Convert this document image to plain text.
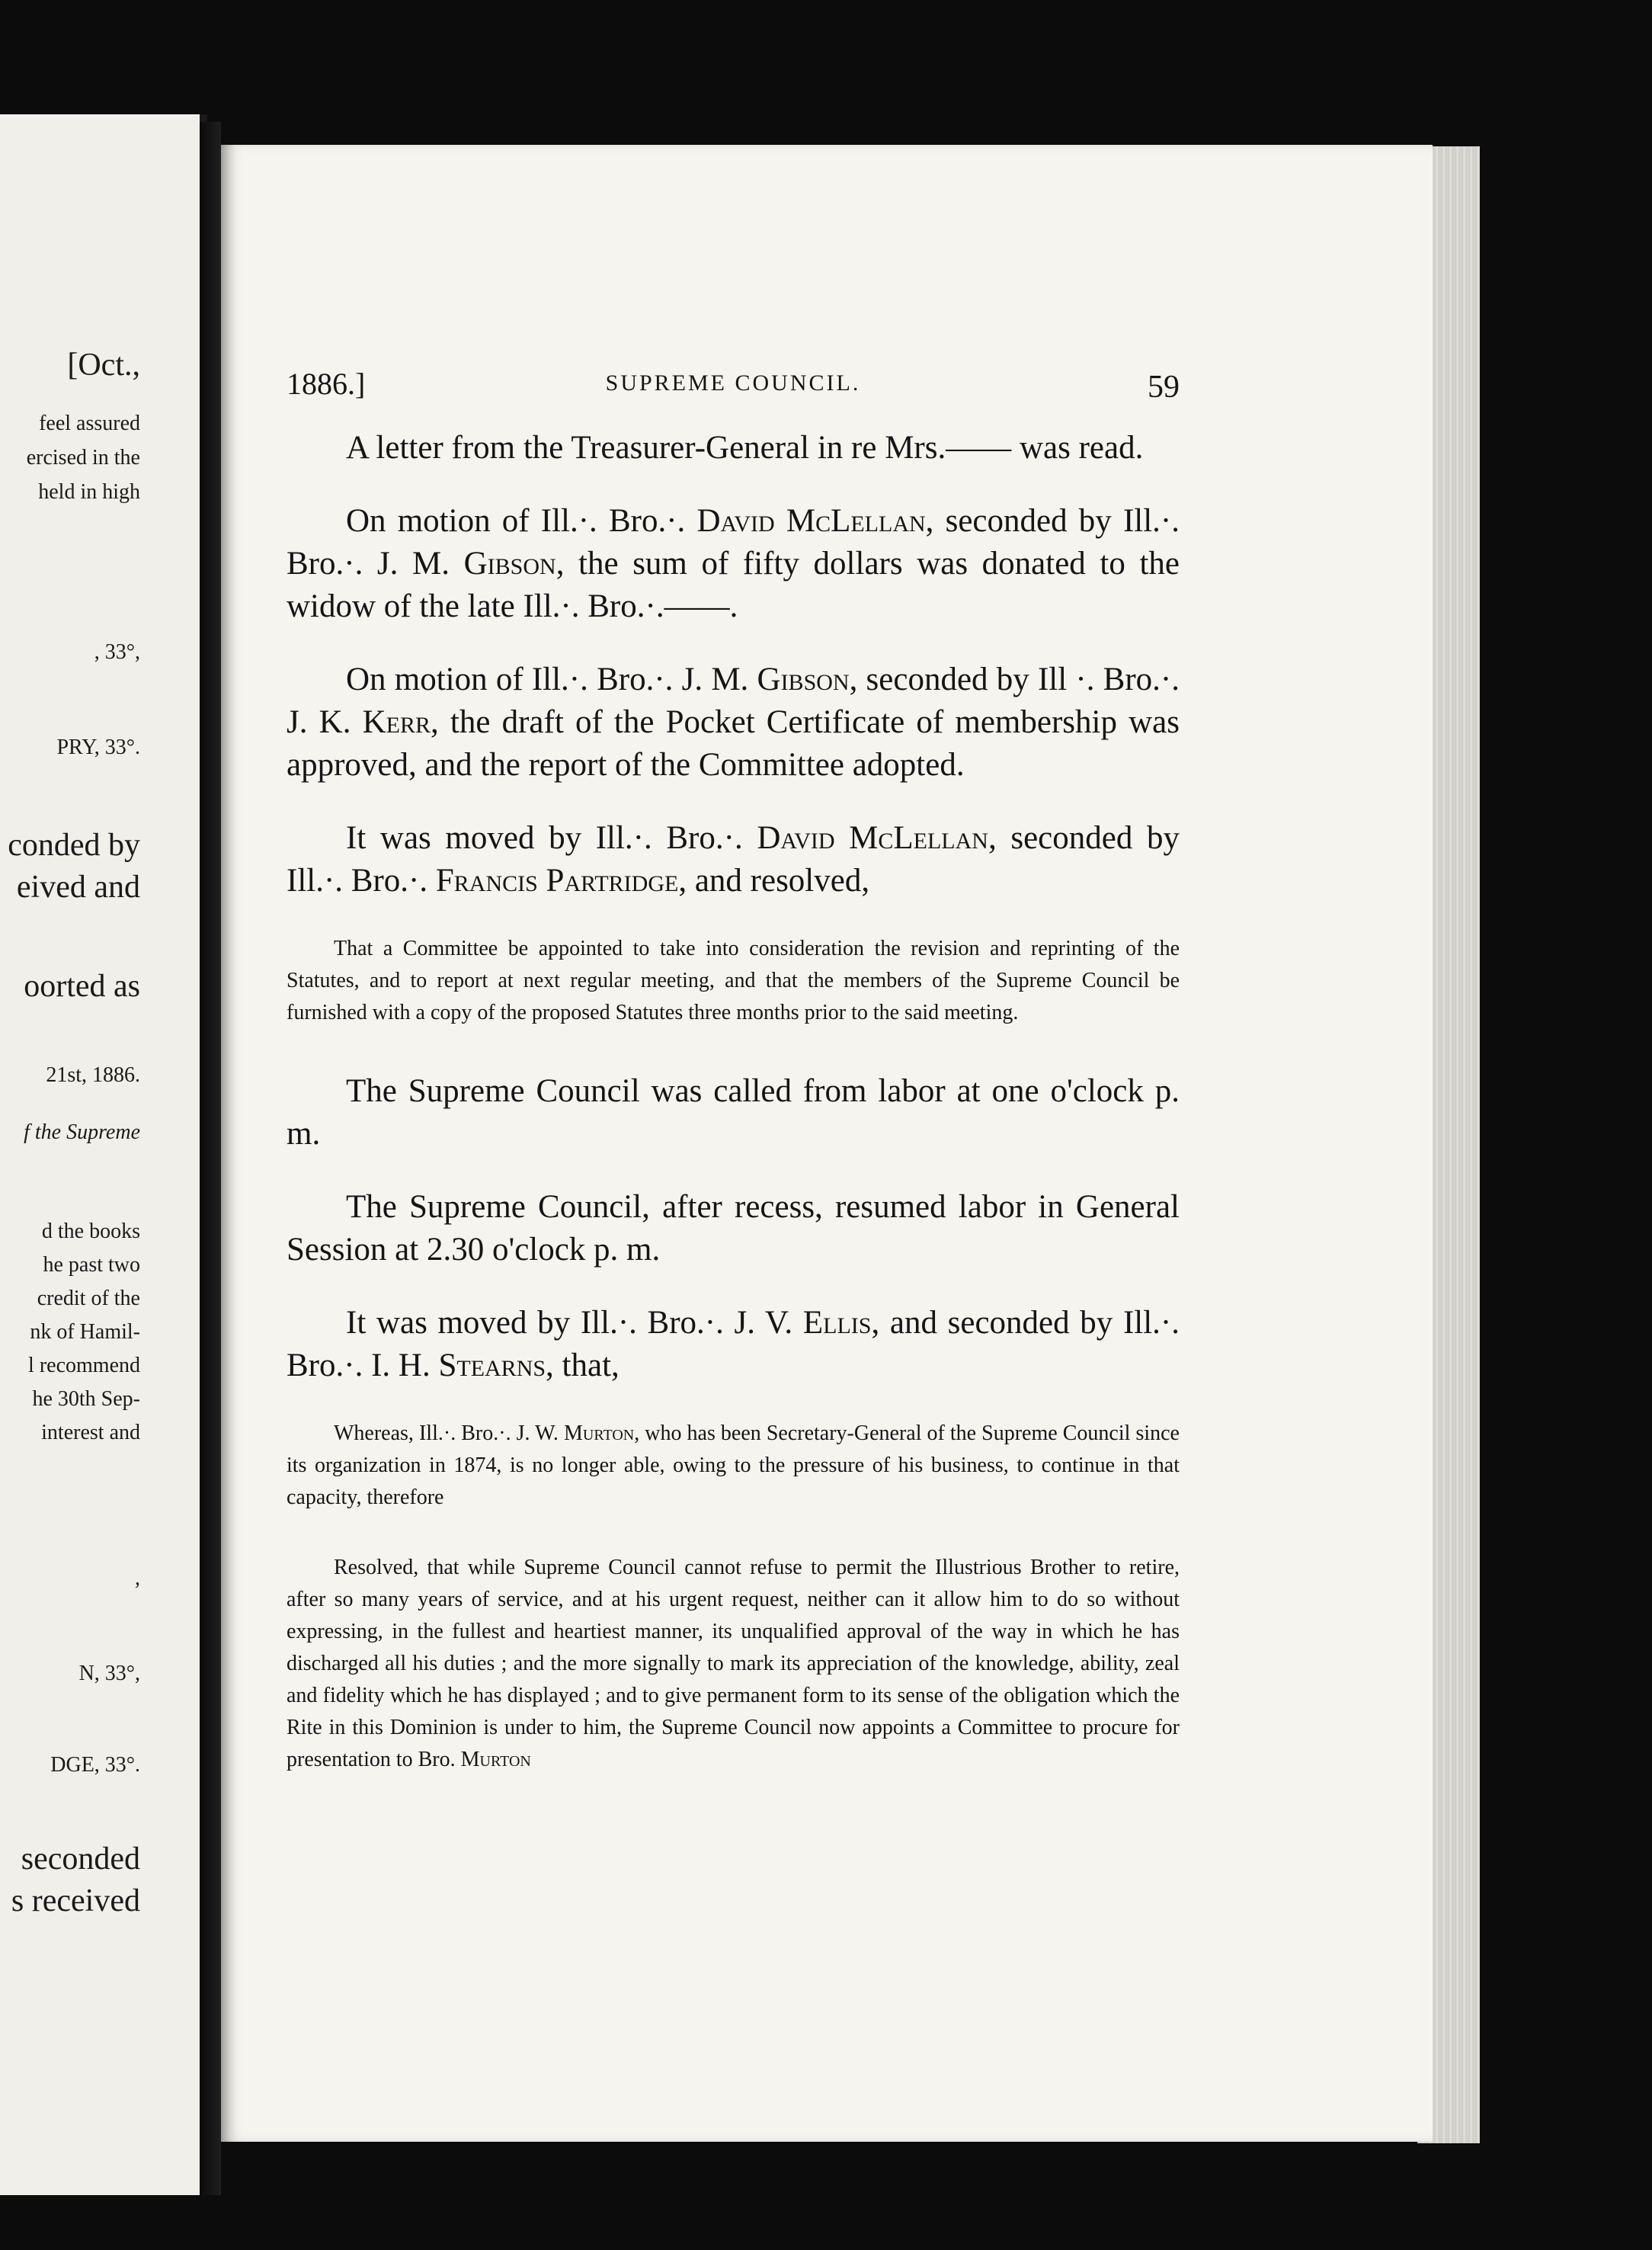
[Oct.,
feel assured
ercised in the
held in high
, 33°,
PRY, 33°.
conded by
eived and
oorted as
21st, 1886.
f the Supreme
d the books
he past two
credit of the
nk of Hamil-
l recommend
he 30th Sep-
interest and
,
N, 33°,
DGE, 33°.
seconded
s received
1886.]	SUPREME COUNCIL.	59

A letter from the Treasurer-General in re Mrs.—— was read.

On motion of Ill.·. Bro.·. David McLellan, seconded by Ill.·. Bro.·. J. M. Gibson, the sum of fifty dollars was donated to the widow of the late Ill.·. Bro.·.——.

On motion of Ill.·. Bro.·. J. M. Gibson, seconded by Ill ·. Bro.·. J. K. Kerr, the draft of the Pocket Certificate of membership was approved, and the report of the Committee adopted.

It was moved by Ill.·. Bro.·. David McLellan, seconded by Ill.·. Bro.·. Francis Partridge, and resolved,

That a Committee be appointed to take into consideration the revision and reprinting of the Statutes, and to report at next regular meeting, and that the members of the Supreme Council be furnished with a copy of the proposed Statutes three months prior to the said meeting.

The Supreme Council was called from labor at one o'clock p. m.

The Supreme Council, after recess, resumed labor in General Session at 2.30 o'clock p. m.

It was moved by Ill.·. Bro.·. J. V. Ellis, and seconded by Ill.·. Bro.·. I. H. Stearns, that,

Whereas, Ill.·. Bro.·. J. W. Murton, who has been Secretary-General of the Supreme Council since its organization in 1874, is no longer able, owing to the pressure of his business, to continue in that capacity, therefore

Resolved, that while Supreme Council cannot refuse to permit the Illustrious Brother to retire, after so many years of service, and at his urgent request, neither can it allow him to do so without expressing, in the fullest and heartiest manner, its unqualified approval of the way in which he has discharged all his duties ; and the more signally to mark its appreciation of the knowledge, ability, zeal and fidelity which he has displayed ; and to give permanent form to its sense of the obligation which the Rite in this Dominion is under to him, the Supreme Council now appoints a Committee to procure for presentation to Bro. Murton
